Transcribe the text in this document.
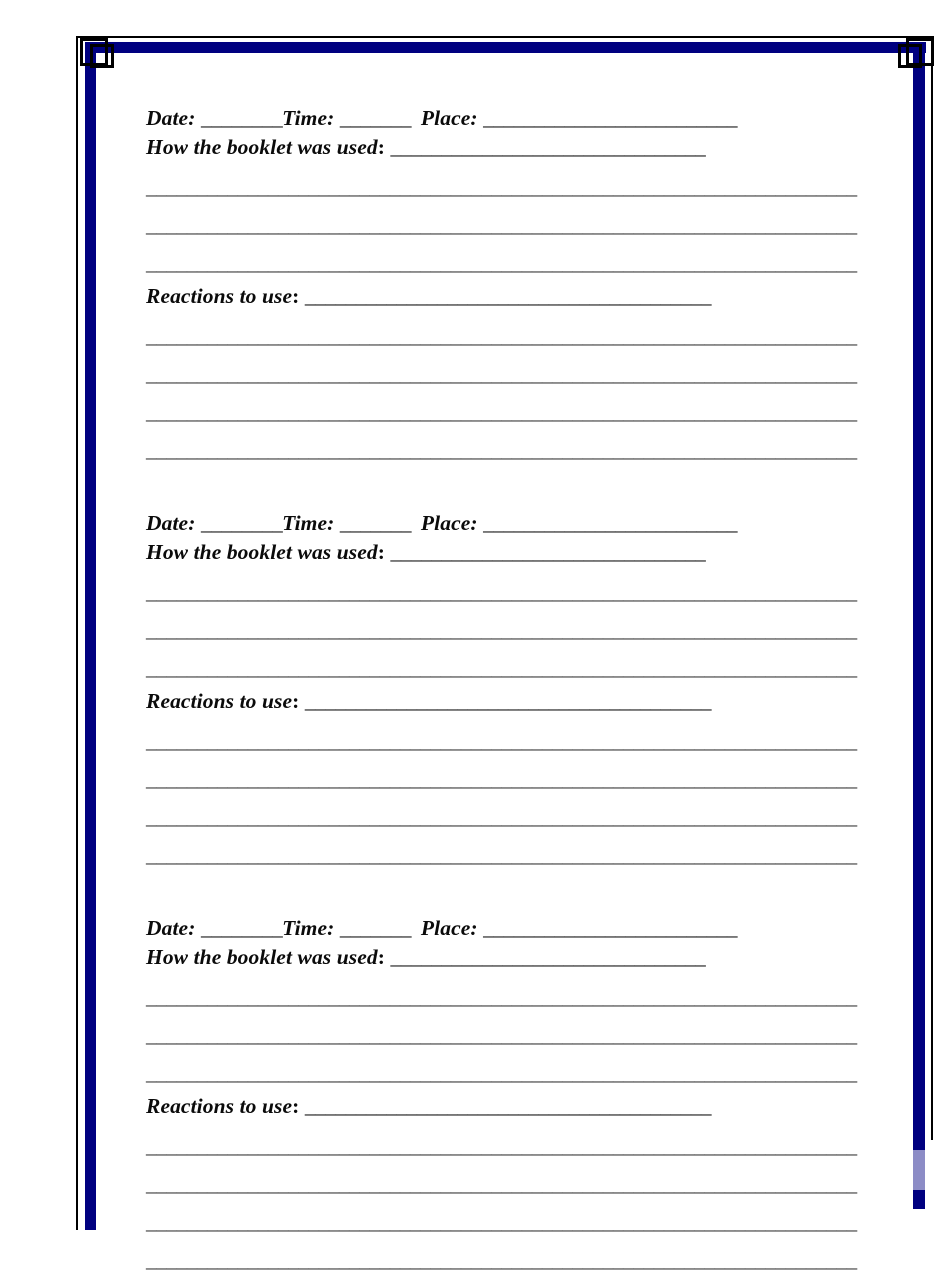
Date: ________Time: _______ Place: _________________________
How the booklet was used: _______________________________
______________________________________________________________________
______________________________________________________________________
______________________________________________________________________
Reactions to use: ________________________________________
______________________________________________________________________
______________________________________________________________________
______________________________________________________________________
______________________________________________________________________
Date: ________Time: _______ Place: _________________________
How the booklet was used: _______________________________
______________________________________________________________________
______________________________________________________________________
______________________________________________________________________
Reactions to use: ________________________________________
______________________________________________________________________
______________________________________________________________________
______________________________________________________________________
______________________________________________________________________
Date: ________Time: _______ Place: _________________________
How the booklet was used: _______________________________
______________________________________________________________________
______________________________________________________________________
______________________________________________________________________
Reactions to use: ________________________________________
______________________________________________________________________
______________________________________________________________________
______________________________________________________________________
______________________________________________________________________
